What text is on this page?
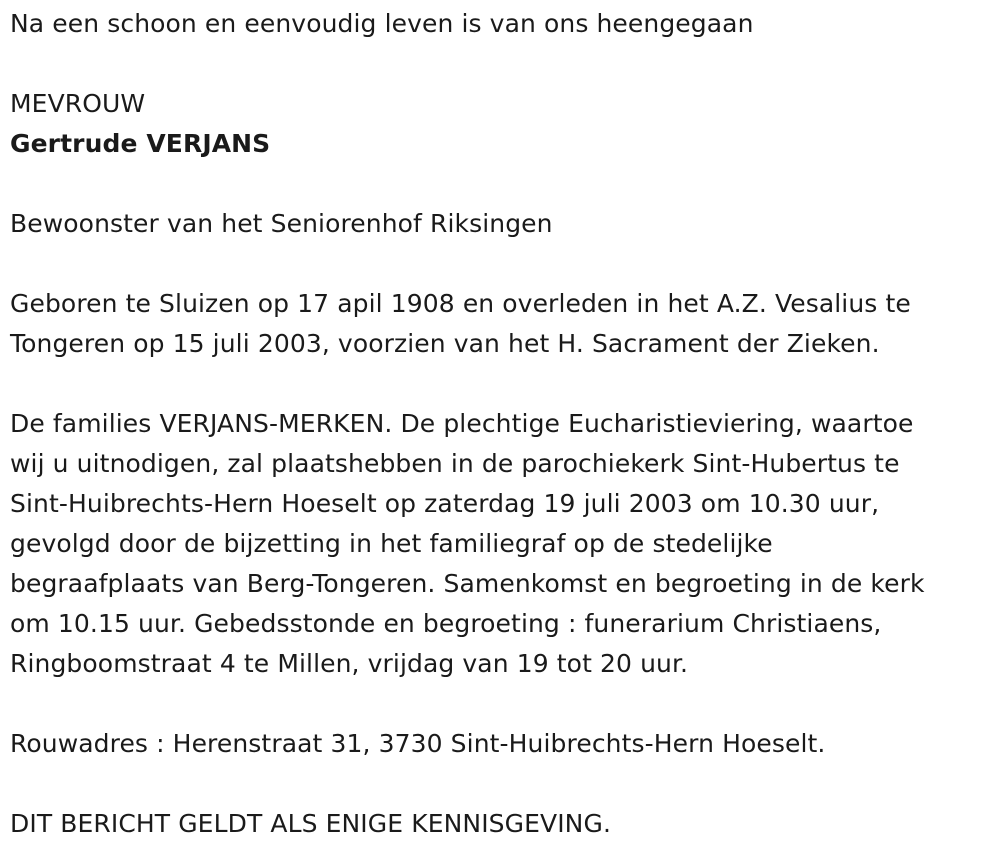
Na een schoon en eenvoudig leven is van ons heengegaan

MEVROUW

Gertrude VERJANS

Bewoonster van het Seniorenhof Riksingen

Geboren te Sluizen op 17 apil 1908 en overleden in het A.Z. Vesalius te

Tongeren op 15 juli 2003, voorzien van het H. Sacrament der Zieken.

De families VERJANS-MERKEN. De plechtige Eucharistieviering, waartoe

wij u uitnodigen, zal plaatshebben in de parochiekerk Sint-Hubertus te

Sint-Huibrechts-Hern Hoeselt op zaterdag 19 juli 2003 om 10.30 uur,

gevolgd door de bijzetting in het familiegraf op de stedelijke

begraafplaats van Berg-Tongeren. Samenkomst en begroeting in de kerk

om 10.15 uur. Gebedsstonde en begroeting : funerarium Christiaens,

Ringboomstraat 4 te Millen, vrijdag van 19 tot 20 uur.

Rouwadres : Herenstraat 31, 3730 Sint-Huibrechts-Hern Hoeselt.

DIT BERICHT GELDT ALS ENIGE KENNISGEVING.
